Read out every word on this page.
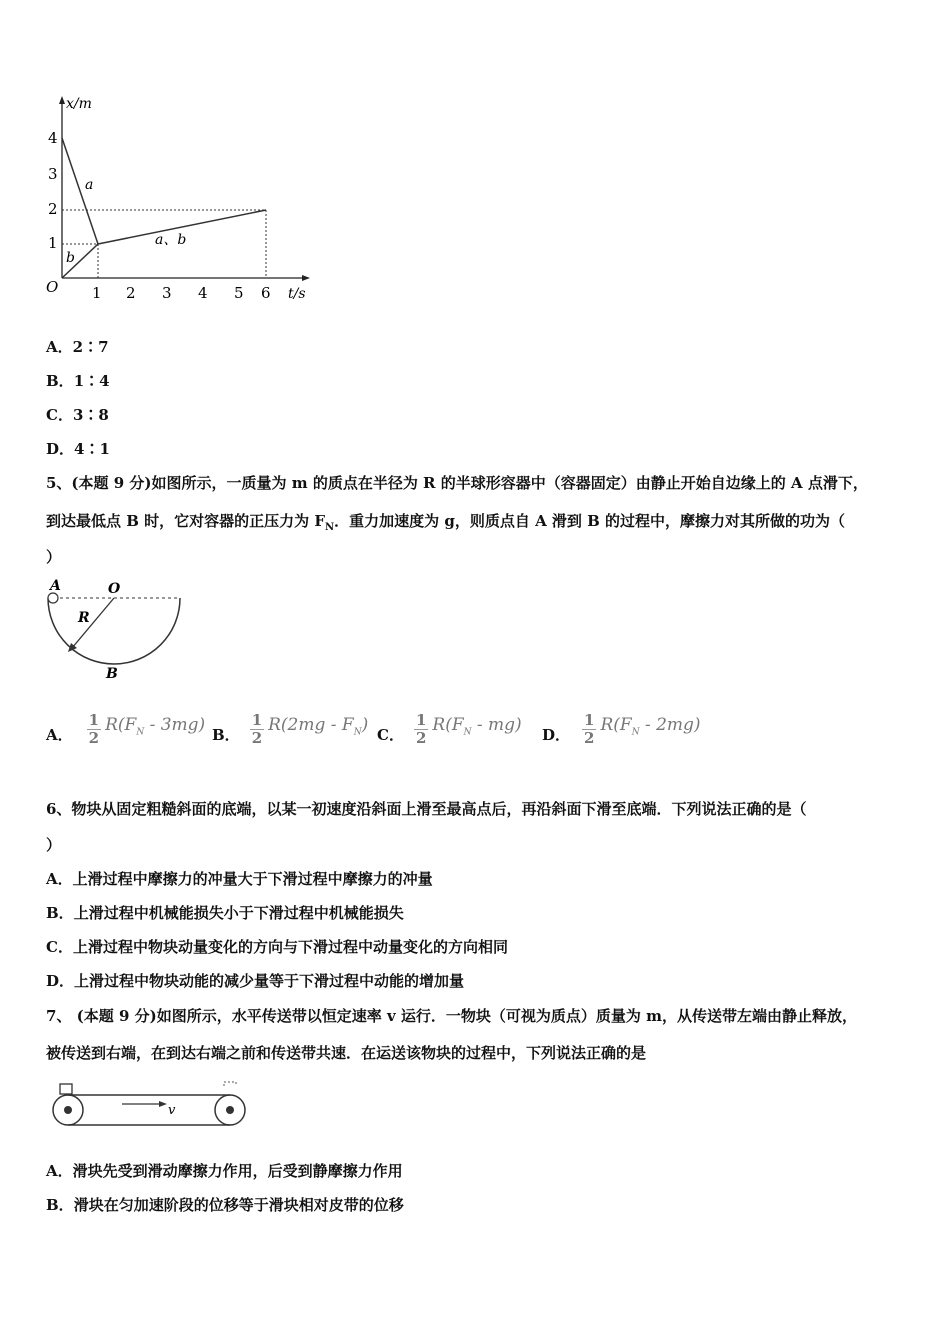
x/m
t/s
O
1
2
3
4
1 2 3 4 5 6
a
b
a、b
A．2∶7
B．1∶4
C．3∶8
D．4∶1
5、(本题 9 分)如图所示，一质量为 m 的质点在半径为 R 的半球形容器中（容器固定）由静止开始自边缘上的 A 点滑下，
到达最低点 B 时，它对容器的正压力为 $F_N$．重力加速度为 g，则质点自 A 滑到 B 的过程中，摩擦力对其所做的功为（
）
A	O
R
B
A． $\frac{1}{2} R(F_N - 3mg)$
B． $\frac{1}{2} R(2mg - F_N)$
C． $\frac{1}{2} R(F_N - mg)$
D． $\frac{1}{2} R(F_N - 2mg)$
6、物块从固定粗糙斜面的底端，以某一初速度沿斜面上滑至最高点后，再沿斜面下滑至底端．下列说法正确的是（
）
A．上滑过程中摩擦力的冲量大于下滑过程中摩擦力的冲量
B．上滑过程中机械能损失小于下滑过程中机械能损失
C．上滑过程中物块动量变化的方向与下滑过程中动量变化的方向相同
D．上滑过程中物块动能的减少量等于下滑过程中动能的增加量
7、 (本题 9 分)如图所示，水平传送带以恒定速率 v 运行．一物块（可视为质点）质量为 m，从传送带左端由静止释放，
被传送到右端，在到达右端之前和传送带共速．在运送该物块的过程中，下列说法正确的是
v
A．滑块先受到滑动摩擦力作用，后受到静摩擦力作用
B．滑块在匀加速阶段的位移等于滑块相对皮带的位移
